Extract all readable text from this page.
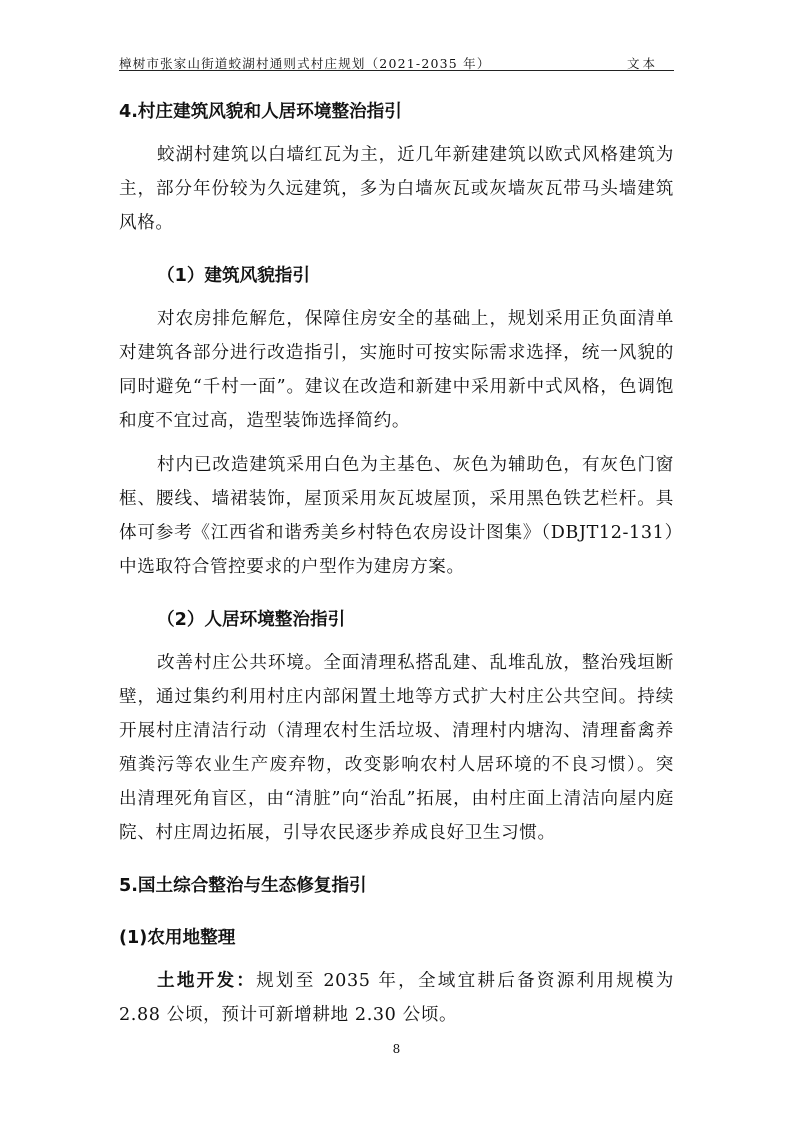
樟树市张家山街道蛟湖村通则式村庄规划（2021-2035 年）	文本
4.村庄建筑风貌和人居环境整治指引

蛟湖村建筑以白墙红瓦为主，近几年新建建筑以欧式风格建筑为主，部分年份较为久远建筑，多为白墙灰瓦或灰墙灰瓦带马头墙建筑风格。

（1）建筑风貌指引

对农房排危解危，保障住房安全的基础上，规划采用正负面清单对建筑各部分进行改造指引，实施时可按实际需求选择，统一风貌的同时避免“千村一面”。建议在改造和新建中采用新中式风格，色调饱和度不宜过高，造型装饰选择简约。

村内已改造建筑采用白色为主基色、灰色为辅助色，有灰色门窗框、腰线、墙裙装饰，屋顶采用灰瓦坡屋顶，采用黑色铁艺栏杆。具体可参考《江西省和谐秀美乡村特色农房设计图集》（DBJT12-131）中选取符合管控要求的户型作为建房方案。

（2）人居环境整治指引

改善村庄公共环境。全面清理私搭乱建、乱堆乱放，整治残垣断壁，通过集约利用村庄内部闲置土地等方式扩大村庄公共空间。持续开展村庄清洁行动（清理农村生活垃圾、清理村内塘沟、清理畜禽养殖粪污等农业生产废弃物，改变影响农村人居环境的不良习惯）。突出清理死角盲区，由“清脏”向“治乱”拓展，由村庄面上清洁向屋内庭院、村庄周边拓展，引导农民逐步养成良好卫生习惯。

5.国土综合整治与生态修复指引
(1)农用地整理

土地开发：规划至 2035 年，全域宜耕后备资源利用规模为 2.88 公顷，预计可新增耕地 2.30 公顷。

8
